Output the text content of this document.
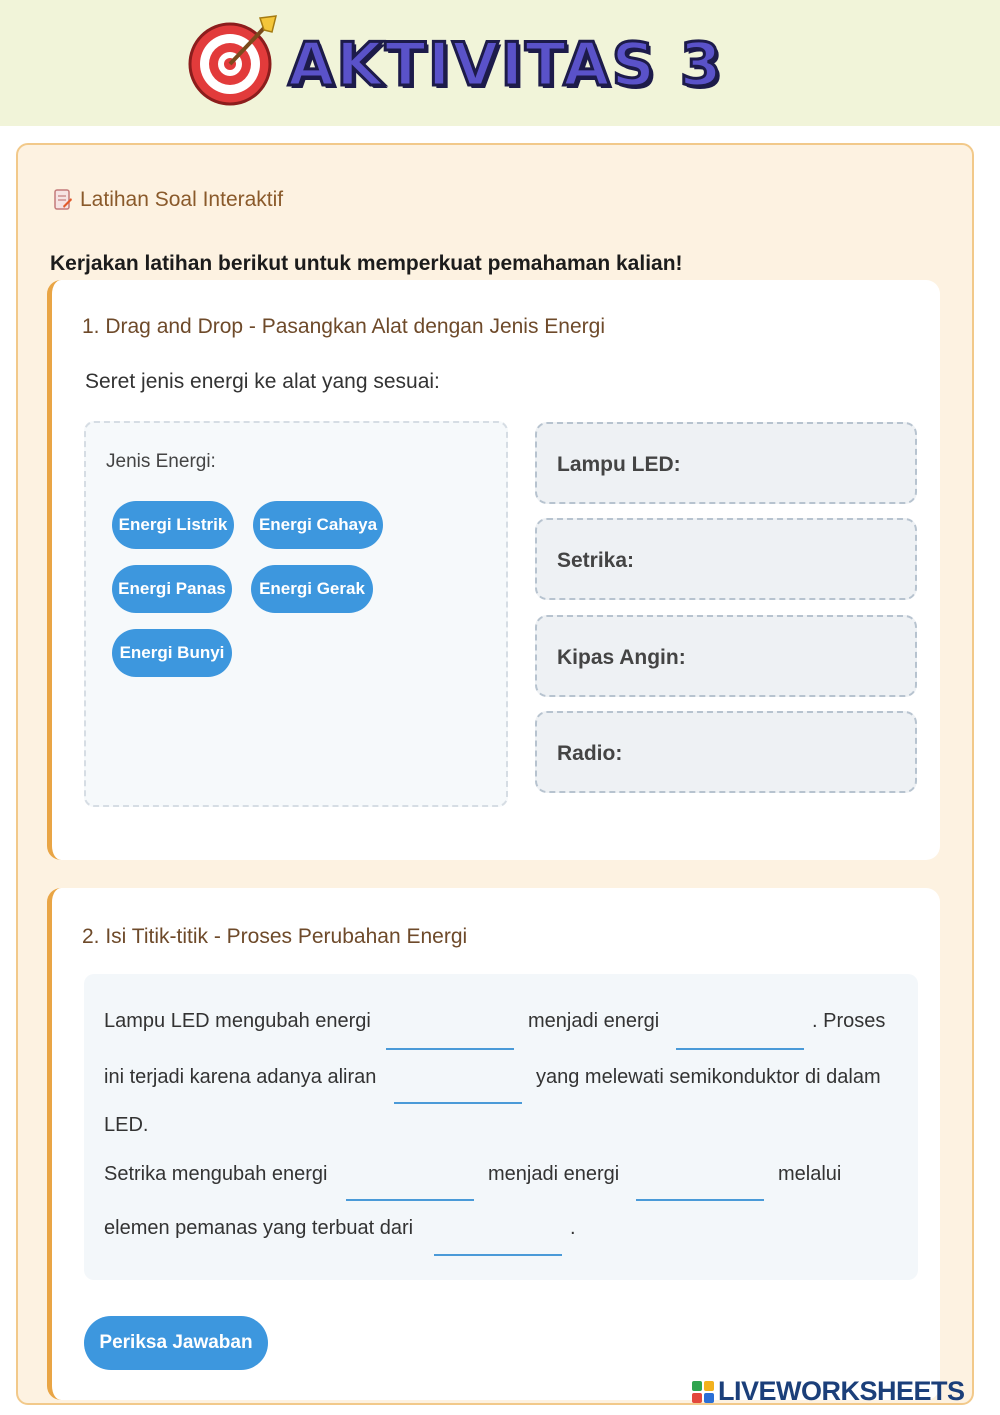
AKTIVITAS 3
Latihan Soal Interaktif
Kerjakan latihan berikut untuk memperkuat pemahaman kalian!
1. Drag and Drop - Pasangkan Alat dengan Jenis Energi
Seret jenis energi ke alat yang sesuai:
Jenis Energi:
Energi Listrik	Energi Cahaya
Energi Panas	Energi Gerak
Energi Bunyi
Lampu LED:
Setrika:
Kipas Angin:
Radio:
2. Isi Titik-titik - Proses Perubahan Energi
Lampu LED mengubah energi	menjadi energi	. Proses
ini terjadi karena adanya aliran	yang melewati semikonduktor di dalam
LED.
Setrika mengubah energi	menjadi energi	melalui
elemen pemanas yang terbuat dari	.
Periksa Jawaban
LIVEWORKSHEETS
